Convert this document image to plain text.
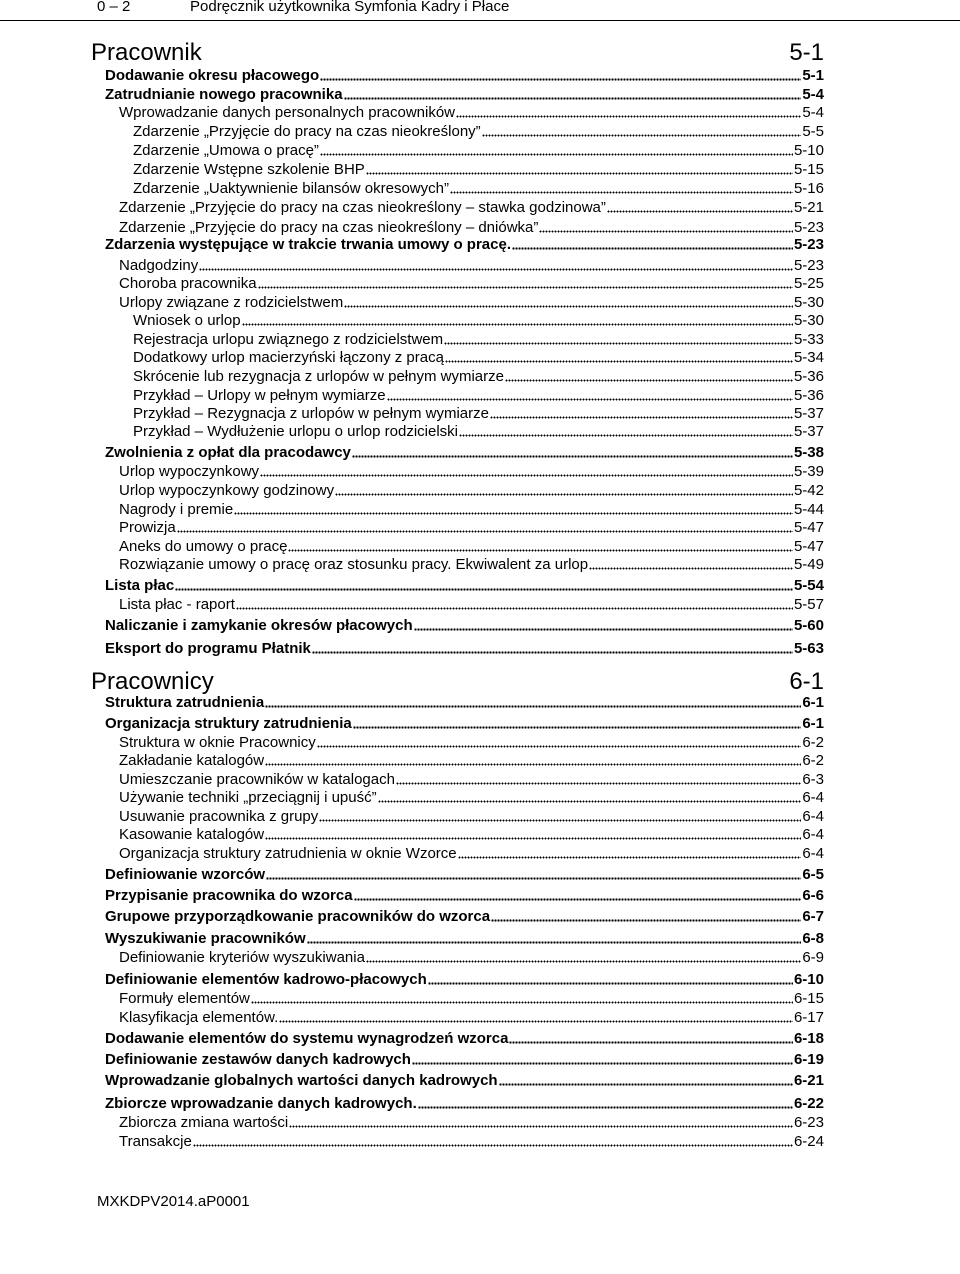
0 – 2	Podręcznik użytkownika Symfonia Kadry i Płace
Pracownik	5-1
Dodawanie okresu płacowego	5-1
Zatrudnianie nowego pracownika	5-4
Wprowadzanie danych personalnych pracowników	5-4
Zdarzenie „Przyjęcie do pracy na czas nieokreślony”	5-5
Zdarzenie „Umowa o pracę”	5-10
Zdarzenie Wstępne szkolenie BHP	5-15
Zdarzenie „Uaktywnienie bilansów okresowych”	5-16
Zdarzenie „Przyjęcie do pracy na czas nieokreślony – stawka godzinowa”	5-21
Zdarzenie „Przyjęcie do pracy na czas nieokreślony – dniówka”	5-23
Zdarzenia występujące w trakcie trwania umowy o pracę.	5-23
Nadgodziny	5-23
Choroba pracownika	5-25
Urlopy związane z rodzicielstwem	5-30
Wniosek o urlop	5-30
Rejestracja urlopu związnego z rodzicielstwem	5-33
Dodatkowy urlop macierzyński łączony z pracą	5-34
Skrócenie lub rezygnacja z urlopów w pełnym wymiarze	5-36
Przykład – Urlopy w pełnym wymiarze	5-36
Przykład – Rezygnacja z urlopów w pełnym wymiarze	5-37
Przykład – Wydłużenie urlopu o urlop rodzicielski	5-37
Zwolnienia z opłat dla pracodawcy	5-38
Urlop wypoczynkowy	5-39
Urlop wypoczynkowy godzinowy	5-42
Nagrody i premie	5-44
Prowizja	5-47
Aneks do umowy o pracę	5-47
Rozwiązanie umowy o pracę oraz stosunku pracy. Ekwiwalent za urlop	5-49
Lista płac	5-54
Lista płac - raport	5-57
Naliczanie i zamykanie okresów płacowych	5-60
Eksport do programu Płatnik	5-63
Pracownicy	6-1
Struktura zatrudnienia	6-1
Organizacja struktury zatrudnienia	6-1
Struktura w oknie Pracownicy	6-2
Zakładanie katalogów	6-2
Umieszczanie pracowników w katalogach	6-3
Używanie techniki „przeciągnij i upuść”	6-4
Usuwanie pracownika z grupy	6-4
Kasowanie katalogów	6-4
Organizacja struktury zatrudnienia w oknie Wzorce	6-4
Definiowanie wzorców	6-5
Przypisanie pracownika do wzorca	6-6
Grupowe przyporządkowanie pracowników do wzorca	6-7
Wyszukiwanie pracowników	6-8
Definiowanie kryteriów wyszukiwania	6-9
Definiowanie elementów kadrowo-płacowych	6-10
Formuły elementów	6-15
Klasyfikacja elementów.	6-17
Dodawanie elementów do systemu wynagrodzeń wzorca	6-18
Definiowanie zestawów danych kadrowych	6-19
Wprowadzanie globalnych wartości danych kadrowych	6-21
Zbiorcze wprowadzanie danych kadrowych.	6-22
Zbiorcza zmiana wartości	6-23
Transakcje	6-24
MXKDPV2014.aP0001
